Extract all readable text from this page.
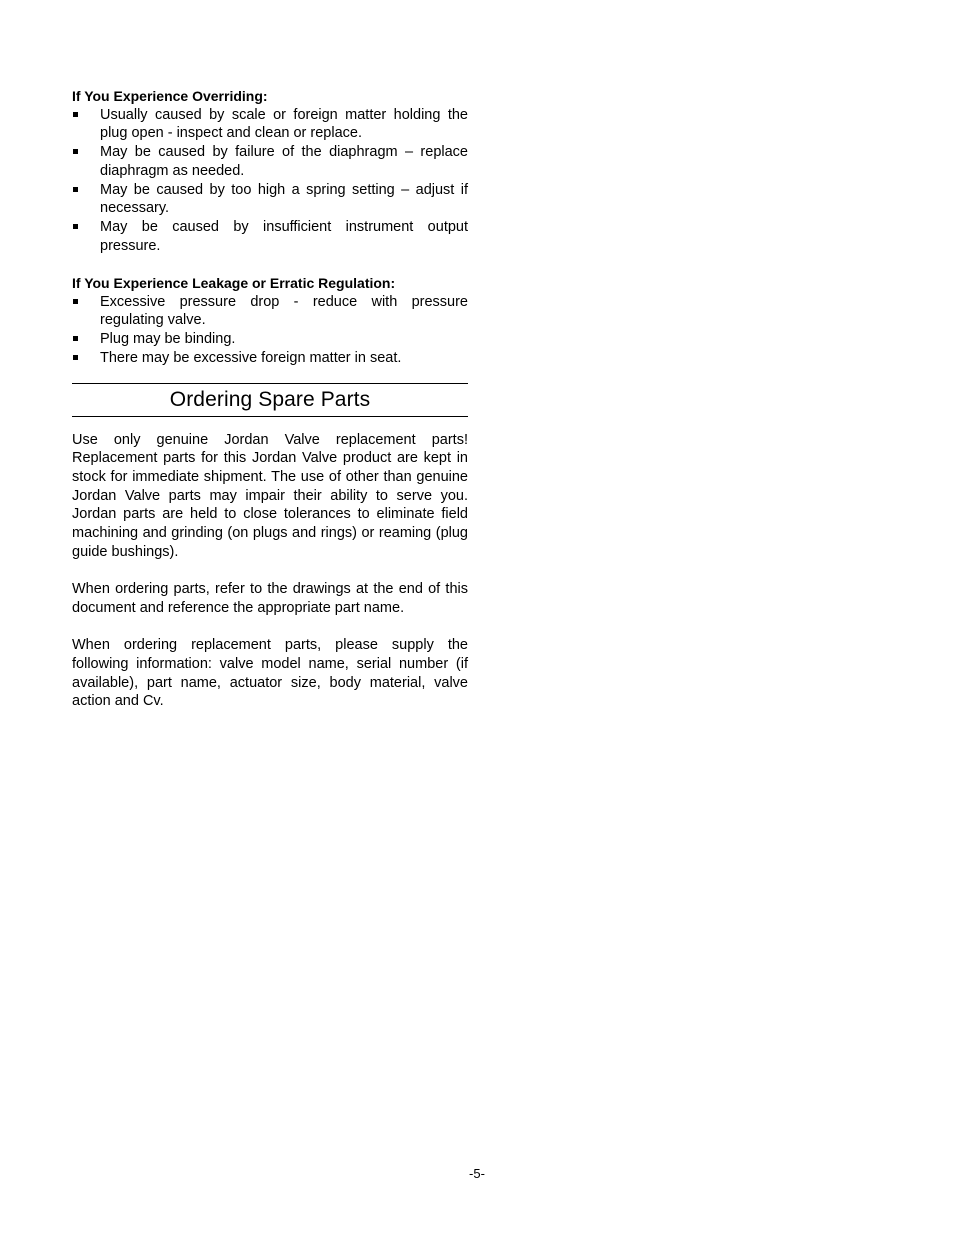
If You Experience Overriding:
Usually caused by scale or foreign matter holding the plug open - inspect and clean or replace.
May be caused by failure of the diaphragm – replace diaphragm as needed.
May be caused by too high a spring setting – adjust if necessary.
May be caused by insufficient instrument output pressure.
If You Experience Leakage or Erratic Regulation:
Excessive pressure drop - reduce with pressure regulating valve.
Plug may be binding.
There may be excessive foreign matter in seat.
Ordering Spare Parts

Use only genuine Jordan Valve replacement parts! Replacement parts for this Jordan Valve product are kept in stock for immediate shipment. The use of other than genuine Jordan Valve parts may impair their ability to serve you. Jordan parts are held to close tolerances to eliminate field machining and grinding (on plugs and rings) or reaming (plug guide bushings).

When ordering parts, refer to the drawings at the end of this document and reference the appropriate part name.

When ordering replacement parts, please supply the following information: valve model name, serial number (if available), part name, actuator size, body material, valve action and Cv.

-5-
